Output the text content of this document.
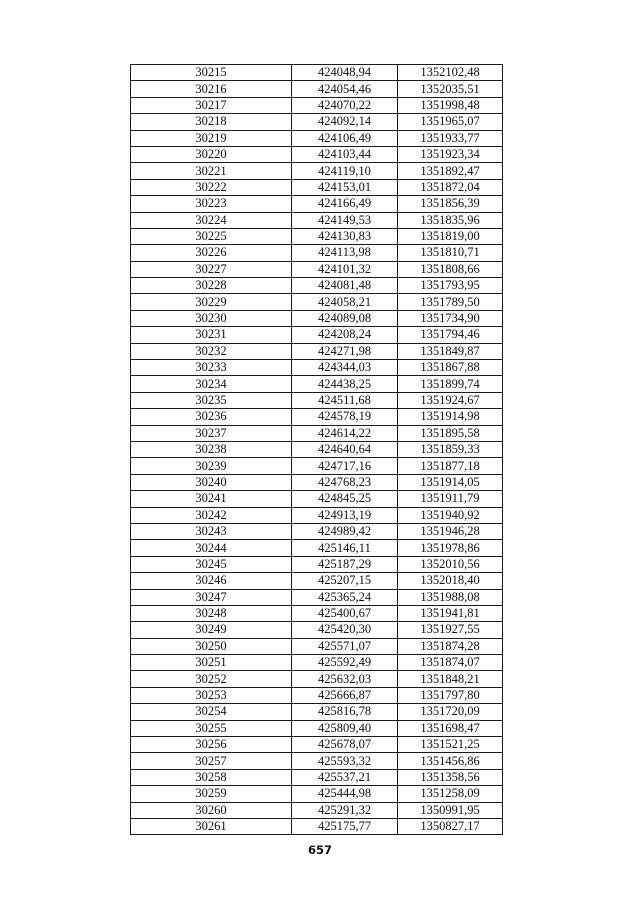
30215	424048,94	1352102,48
30216	424054,46	1352035,51
30217	424070,22	1351998,48
30218	424092,14	1351965,07
30219	424106,49	1351933,77
30220	424103,44	1351923,34
30221	424119,10	1351892,47
30222	424153,01	1351872,04
30223	424166,49	1351856,39
30224	424149,53	1351835,96
30225	424130,83	1351819,00
30226	424113,98	1351810,71
30227	424101,32	1351808,66
30228	424081,48	1351793,95
30229	424058,21	1351789,50
30230	424089,08	1351734,90
30231	424208,24	1351794,46
30232	424271,98	1351849,87
30233	424344,03	1351867,88
30234	424438,25	1351899,74
30235	424511,68	1351924,67
30236	424578,19	1351914,98
30237	424614,22	1351895,58
30238	424640,64	1351859,33
30239	424717,16	1351877,18
30240	424768,23	1351914,05
30241	424845,25	1351911,79
30242	424913,19	1351940,92
30243	424989,42	1351946,28
30244	425146,11	1351978,86
30245	425187,29	1352010,56
30246	425207,15	1352018,40
30247	425365,24	1351988,08
30248	425400,67	1351941,81
30249	425420,30	1351927,55
30250	425571,07	1351874,28
30251	425592,49	1351874,07
30252	425632,03	1351848,21
30253	425666,87	1351797,80
30254	425816,78	1351720,09
30255	425809,40	1351698,47
30256	425678,07	1351521,25
30257	425593,32	1351456,86
30258	425537,21	1351358,56
30259	425444,98	1351258,09
30260	425291,32	1350991,95
30261	425175,77	1350827,17
657
